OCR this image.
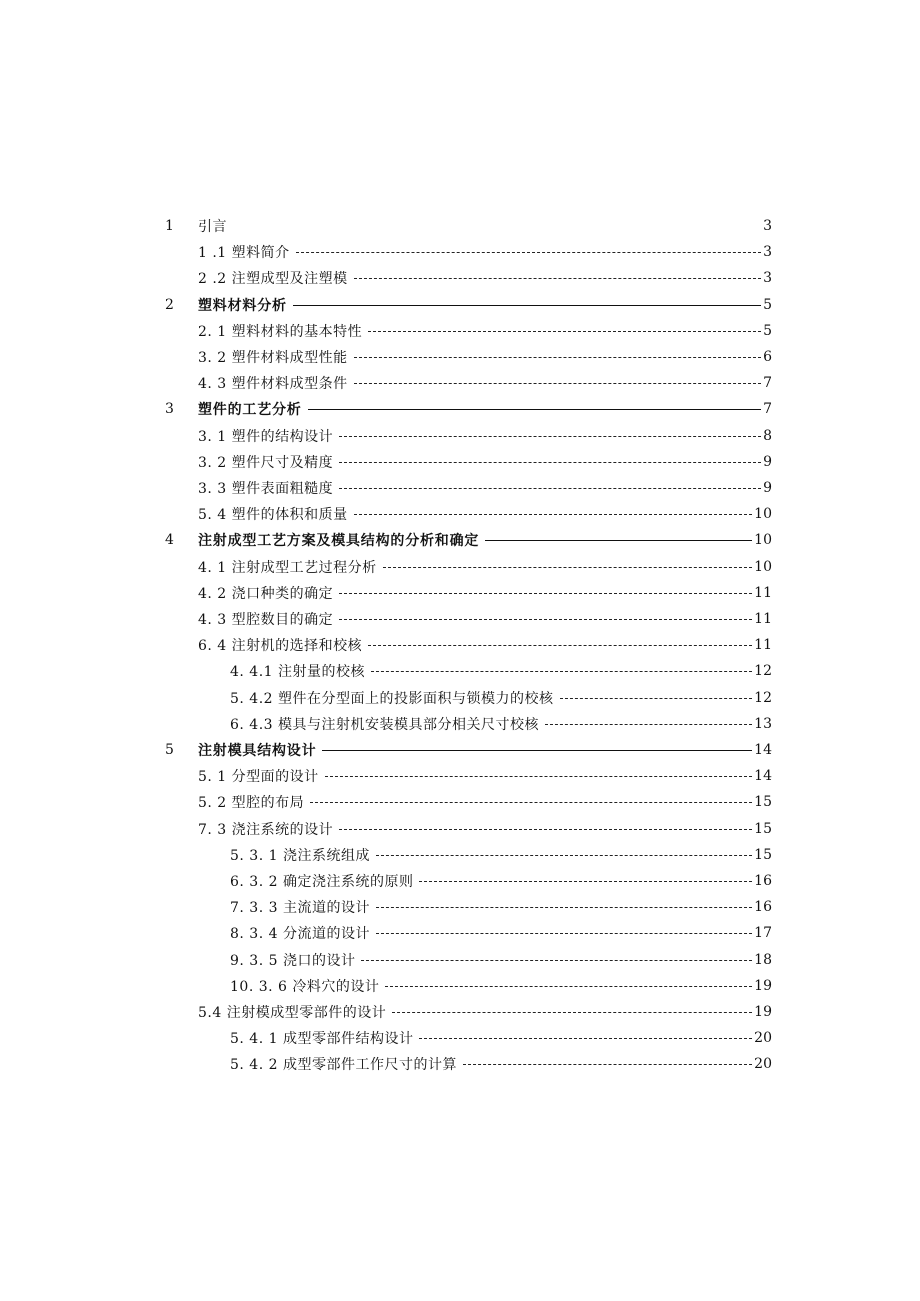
1 引言	3
1 .1 塑料简介	3
2 .2 注塑成型及注塑模	3
2 塑料材料分析	5
2. 1 塑料材料的基本特性	5
3. 2 塑件材料成型性能	6
4. 3 塑件材料成型条件	7
3 塑件的工艺分析	7
3. 1 塑件的结构设计	8
3. 2 塑件尺寸及精度	9
3. 3 塑件表面粗糙度	9
5. 4 塑件的体积和质量	10
4 注射成型工艺方案及模具结构的分析和确定	10
4. 1 注射成型工艺过程分析	10
4. 2 浇口种类的确定	11
4. 3 型腔数目的确定	11
6. 4 注射机的选择和校核	11
4. 4.1 注射量的校核	12
5. 4.2 塑件在分型面上的投影面积与锁模力的校核	12
6. 4.3 模具与注射机安装模具部分相关尺寸校核	13
5 注射模具结构设计	14
5. 1 分型面的设计	14
5. 2 型腔的布局	15
7. 3 浇注系统的设计	15
5. 3. 1 浇注系统组成	15
6. 3. 2 确定浇注系统的原则	16
7. 3. 3 主流道的设计	16
8. 3. 4 分流道的设计	17
9. 3. 5 浇口的设计	18
10. 3. 6 冷料穴的设计	19
5.4 注射模成型零部件的设计	19
5. 4. 1 成型零部件结构设计	20
5. 4. 2 成型零部件工作尺寸的计算	20
